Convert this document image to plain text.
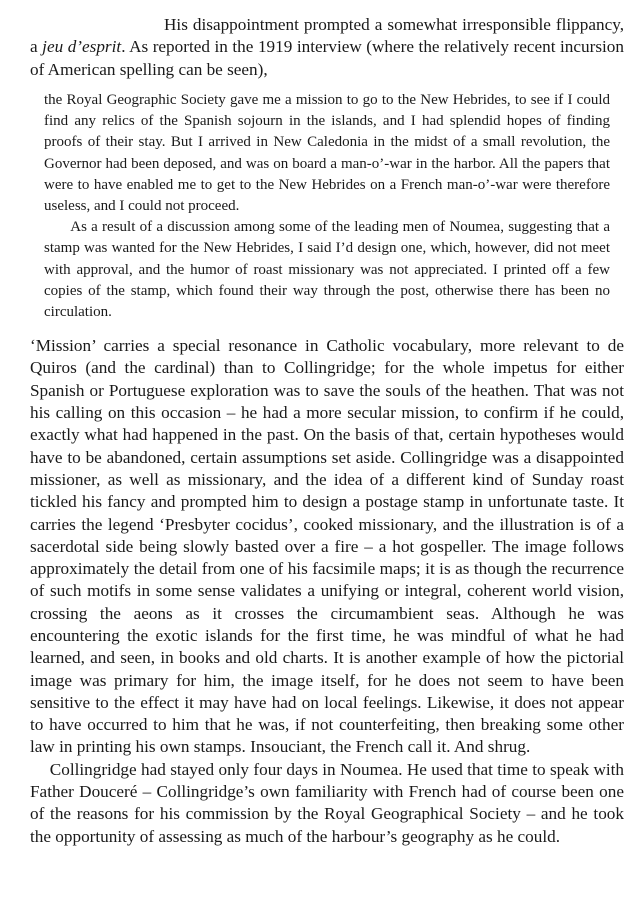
His disappointment prompted a somewhat irresponsible flippancy, a jeu d’esprit. As reported in the 1919 interview (where the relatively recent incursion of American spelling can be seen),

the Royal Geographic Society gave me a mission to go to the New Hebrides, to see if I could find any relics of the Spanish sojourn in the islands, and I had splendid hopes of finding proofs of their stay. But I arrived in New Caledonia in the midst of a small revolution, the Governor had been deposed, and was on board a man-o’-war in the harbor. All the papers that were to have enabled me to get to the New Hebrides on a French man-o’-war were therefore useless, and I could not proceed.

As a result of a discussion among some of the leading men of Noumea, suggesting that a stamp was wanted for the New Hebrides, I said I’d design one, which, however, did not meet with approval, and the humor of roast missionary was not appreciated. I printed off a few copies of the stamp, which found their way through the post, otherwise there has been no circulation.

‘Mission’ carries a special resonance in Catholic vocabulary, more relevant to de Quiros (and the cardinal) than to Collingridge; for the whole impetus for either Spanish or Portuguese exploration was to save the souls of the heathen. That was not his calling on this occasion – he had a more secular mission, to confirm if he could, exactly what had happened in the past. On the basis of that, certain hypotheses would have to be abandoned, certain assumptions set aside. Collingridge was a disappointed missioner, as well as missionary, and the idea of a different kind of Sunday roast tickled his fancy and prompted him to design a postage stamp in unfortunate taste. It carries the legend ‘Presbyter cocidus’, cooked missionary, and the illustration is of a sacerdotal side being slowly basted over a fire – a hot gospeller. The image follows approximately the detail from one of his facsimile maps; it is as though the recurrence of such motifs in some sense validates a unifying or integral, coherent world vision, crossing the aeons as it crosses the circumambient seas. Although he was encountering the exotic islands for the first time, he was mindful of what he had learned, and seen, in books and old charts. It is another example of how the pictorial image was primary for him, the image itself, for he does not seem to have been sensitive to the effect it may have had on local feelings. Likewise, it does not appear to have occurred to him that he was, if not counterfeiting, then breaking some other law in printing his own stamps. Insouciant, the French call it. And shrug.

Collingridge had stayed only four days in Noumea. He used that time to speak with Father Douceré – Collingridge’s own familiarity with French had of course been one of the reasons for his commission by the Royal Geographical Society – and he took the opportunity of assessing as much of the harbour’s geography as he could.
